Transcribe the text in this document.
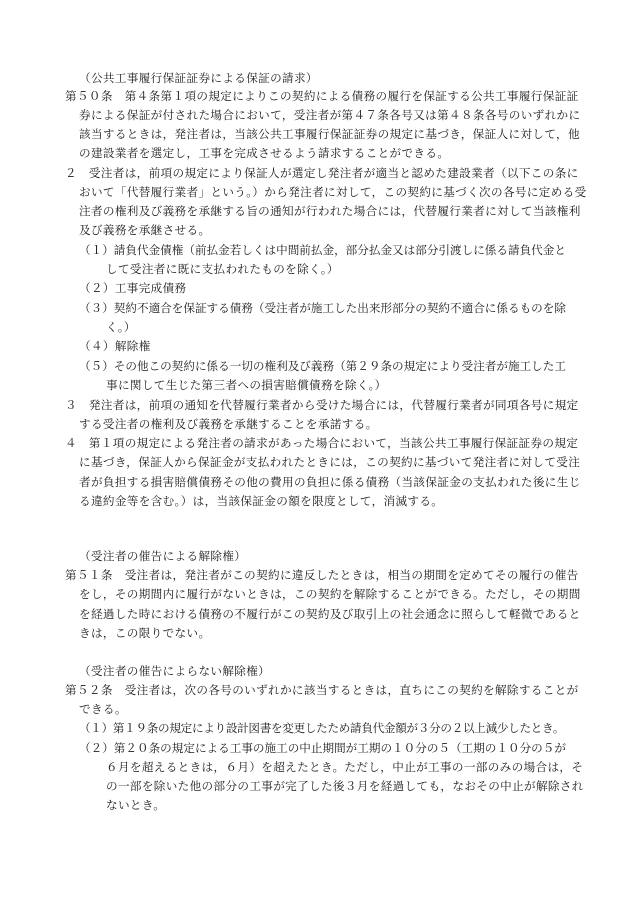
（公共工事履行保証証券による保証の請求）
第５０条　第４条第１項の規定によりこの契約による債務の履行を保証する公共工事履行保証証
券による保証が付された場合において，受注者が第４７条各号又は第４８条各号のいずれかに
該当するときは，発注者は，当該公共工事履行保証証券の規定に基づき，保証人に対して，他
の建設業者を選定し，工事を完成させるよう請求することができる。
２　受注者は，前項の規定により保証人が選定し発注者が適当と認めた建設業者（以下この条に
おいて「代替履行業者」という。）から発注者に対して，この契約に基づく次の各号に定める受
注者の権利及び義務を承継する旨の通知が行われた場合には，代替履行業者に対して当該権利
及び義務を承継させる。
（１）請負代金債権（前払金若しくは中間前払金，部分払金又は部分引渡しに係る請負代金と
して受注者に既に支払われたものを除く。）
（２）工事完成債務
（３）契約不適合を保証する債務（受注者が施工した出来形部分の契約不適合に係るものを除
く。）
（４）解除権
（５）その他この契約に係る一切の権利及び義務（第２９条の規定により受注者が施工した工
事に関して生じた第三者への損害賠償債務を除く。）
３　発注者は，前項の通知を代替履行業者から受けた場合には，代替履行業者が同項各号に規定
する受注者の権利及び義務を承継することを承諾する。
４　第１項の規定による発注者の請求があった場合において，当該公共工事履行保証証券の規定
に基づき，保証人から保証金が支払われたときには，この契約に基づいて発注者に対して受注
者が負担する損害賠償債務その他の費用の負担に係る債務（当該保証金の支払われた後に生じ
る違約金等を含む。）は，当該保証金の額を限度として，消滅する。
（受注者の催告による解除権）
第５１条　受注者は，発注者がこの契約に違反したときは，相当の期間を定めてその履行の催告
をし，その期間内に履行がないときは，この契約を解除することができる。ただし，その期間
を経過した時における債務の不履行がこの契約及び取引上の社会通念に照らして軽微であると
きは，この限りでない。
（受注者の催告によらない解除権）
第５２条　受注者は，次の各号のいずれかに該当するときは，直ちにこの契約を解除することが
できる。
（１）第１９条の規定により設計図書を変更したため請負代金額が３分の２以上減少したとき。
（２）第２０条の規定による工事の施工の中止期間が工期の１０分の５（工期の１０分の５が
６月を超えるときは，６月）を超えたとき。ただし，中止が工事の一部のみの場合は，そ
の一部を除いた他の部分の工事が完了した後３月を経過しても，なおその中止が解除され
ないとき。
